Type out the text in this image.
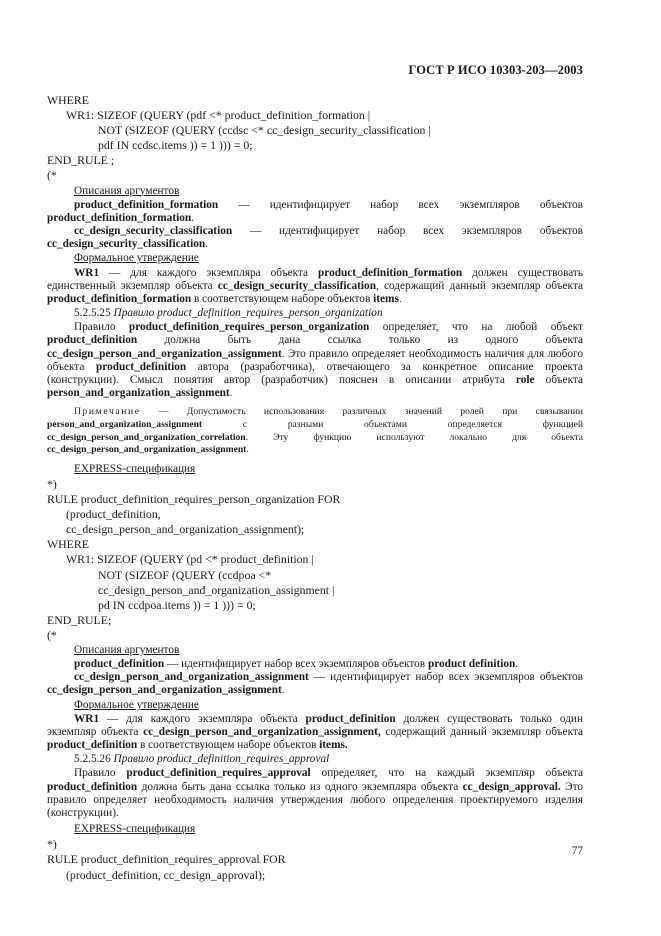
ГОСТ Р ИСО 10303-203—2003
WHERE
WR1: SIZEOF (QUERY (pdf <* product_definition_formation |
NOT (SIZEOF (QUERY (ccdsc <* cc_design_security_classification |
pdf IN ccdsc.items )) = 1 ))) = 0;
END_RULE ;
(*
Описания аргументов

product_definition_formation — идентифицирует набор всех экземпляров объектов product_definition_formation.

cc_design_security_classification — идентифицирует набор всех экземпляров объектов cc_design_security_classification.

Формальное утверждение

WR1 — для каждого экземпляра объекта product_definition_formation должен существовать единственный экземпляр объекта cc_design_security_classification, содержащий данный экземпляр объекта product_definition_formation в соответствующем наборе объектов items.

5.2.5.25 Правило product_definition_requires_person_organization

Правило product_definition_requires_person_organization определяет, что на любой объект product_definition должна быть дана ссылка только из одного объекта cc_design_person_and_organization_assignment. Это правило определяет необходимость наличия для любого объекта product_definition автора (разработчика), отвечающего за конкретное описание проекта (конструкции). Смысл понятия автор (разработчик) пояснен в описании атрибута role объекта person_and_organization_assignment.

Примечание — Допустимость использования различных значений ролей при связывании person_and_organization_assignment с разными объектами определяется функцией cc_design_person_and_organization_correlation. Эту функцию используют локально для объекта cc_design_person_and_organization_assignment.

EXPRESS-спецификация
*)
RULE product_definition_requires_person_organization FOR
(product_definition,
cc_design_person_and_organization_assignment);
WHERE
WR1: SIZEOF (QUERY (pd <* product_definition |
NOT (SIZEOF (QUERY (ccdpoa <*
cc_design_person_and_organization_assignment |
pd IN ccdpoa.items )) = 1 ))) = 0;
END_RULE;
(*
Описания аргументов

product_definition — идентифицирует набор всех экземпляров объектов product definition.

cc_design_person_and_organization_assignment — идентифицирует набор всех экземпляров объектов cc_design_person_and_organization_assignment.

Формальное утверждение

WR1 — для каждого экземпляра объекта product_definition должен существовать только один экземпляр объекта cc_design_person_and_organization_assignment, содержащий данный экземпляр объекта product_definition в соответствующем наборе объектов items.

5.2.5.26 Правило product_definition_requires_approval

Правило product_definition_requires_approval определяет, что на каждый экземпляр объекта product_definition должна быть дана ссылка только из одного экземпляра объекта cc_design_approval. Это правило определяет необходимость наличия утверждения любого определения проектируемого изделия (конструкции).

EXPRESS-спецификация
*)
RULE product_definition_requires_approval FOR
(product_definition, cc_design_approval);
77
